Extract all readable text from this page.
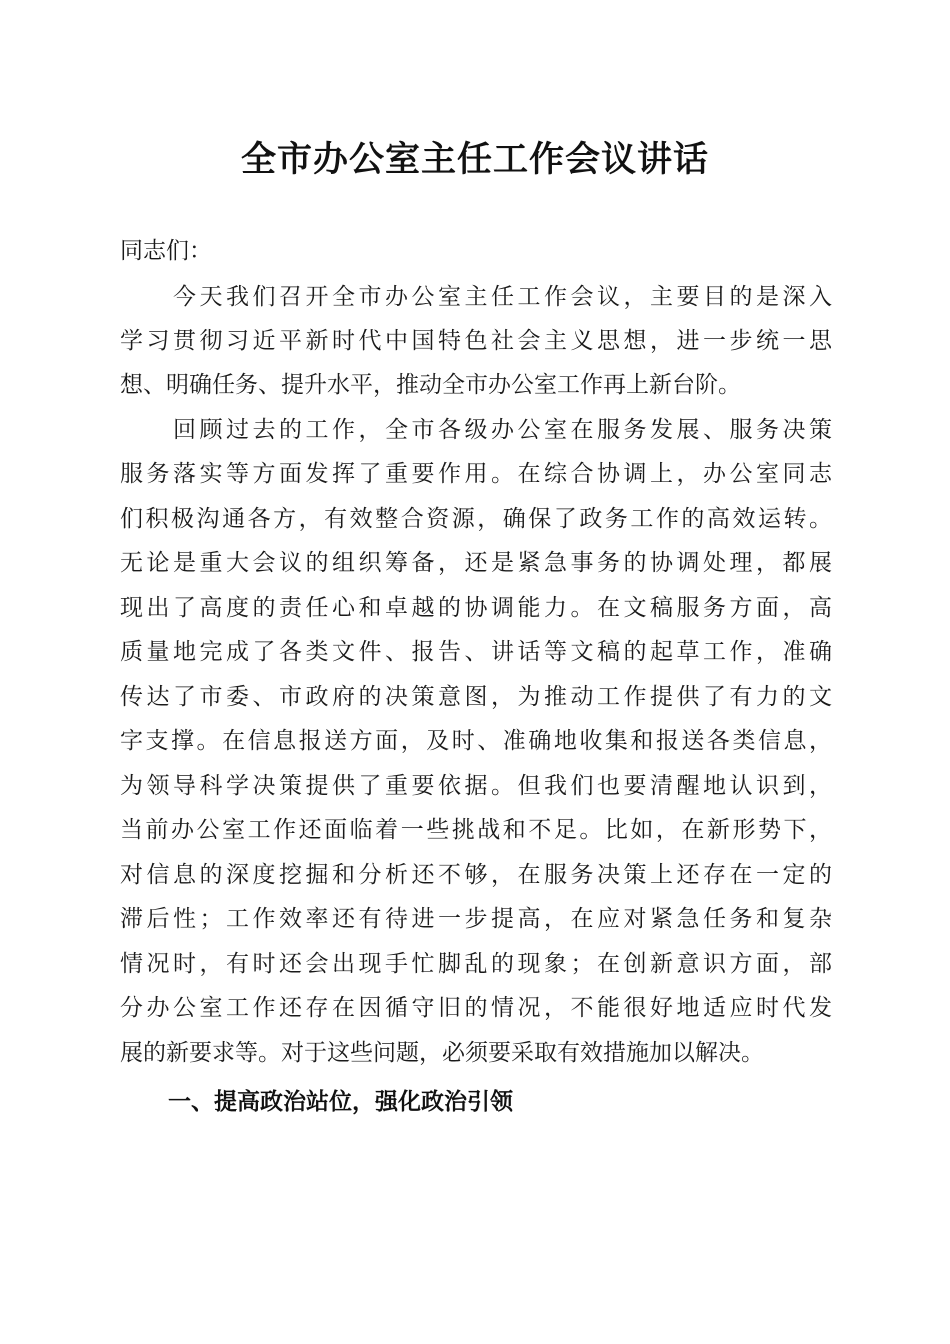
全市办公室主任工作会议讲话
同志们：
　　今天我们召开全市办公室主任工作会议，主要目的是深入
学习贯彻习近平新时代中国特色社会主义思想，进一步统一思
想、明确任务、提升水平，推动全市办公室工作再上新台阶。
　　回顾过去的工作，全市各级办公室在服务发展、服务决策
服务落实等方面发挥了重要作用。在综合协调上，办公室同志
们积极沟通各方，有效整合资源，确保了政务工作的高效运转。
无论是重大会议的组织筹备，还是紧急事务的协调处理，都展
现出了高度的责任心和卓越的协调能力。在文稿服务方面，高
质量地完成了各类文件、报告、讲话等文稿的起草工作，准确
传达了市委、市政府的决策意图，为推动工作提供了有力的文
字支撑。在信息报送方面，及时、准确地收集和报送各类信息，
为领导科学决策提供了重要依据。但我们也要清醒地认识到，
当前办公室工作还面临着一些挑战和不足。比如，在新形势下，
对信息的深度挖掘和分析还不够，在服务决策上还存在一定的
滞后性；工作效率还有待进一步提高，在应对紧急任务和复杂
情况时，有时还会出现手忙脚乱的现象；在创新意识方面，部
分办公室工作还存在因循守旧的情况，不能很好地适应时代发
展的新要求等。对于这些问题，必须要采取有效措施加以解决。
一、提高政治站位，强化政治引领
